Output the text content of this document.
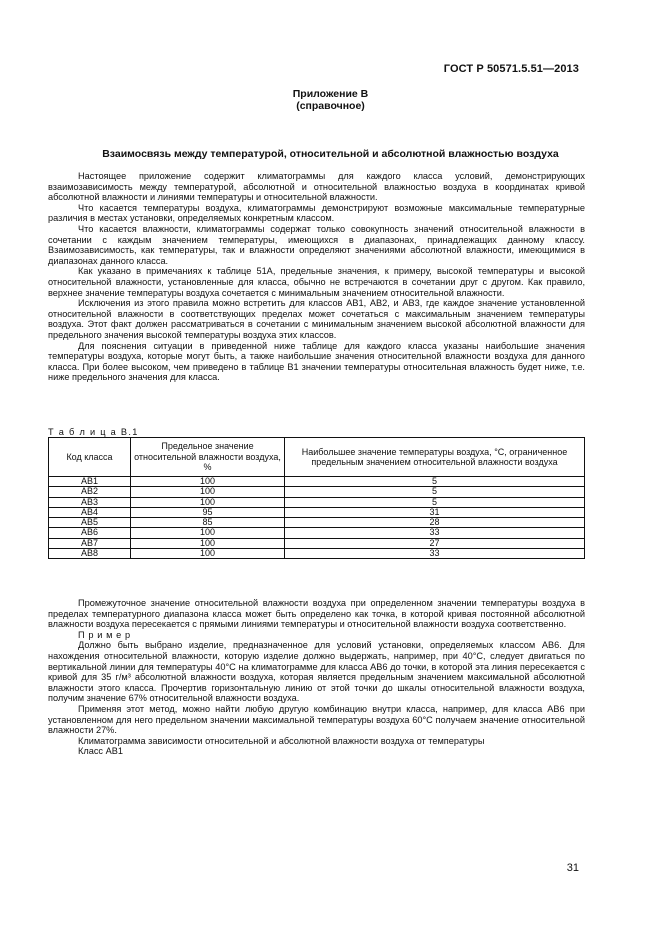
ГОСТ Р 50571.5.51—2013
Приложение В
(справочное)
Взаимосвязь между температурой, относительной и абсолютной влажностью воздуха

Настоящее приложение содержит климатограммы для каждого класса условий, демонстрирующих взаимозависимость между температурой, абсолютной и относительной влажностью воздуха в координатах кривой абсолютной влажности и линиями температуры и относительной влажности.

Что касается температуры воздуха, климатограммы демонстрируют возможные максимальные температурные различия в местах установки, определяемых конкретным классом.

Что касается влажности, климатограммы содержат только совокупность значений относительной влажности в сочетании с каждым значением температуры, имеющихся в диапазонах, принадлежащих данному классу. Взаимозависимость, как температуры, так и влажности определяют значениями абсолютной влажности, имеющимися в диапазонах данного класса.

Как указано в примечаниях к таблице 51А, предельные значения, к примеру, высокой температуры и высокой относительной влажности, установленные для класса, обычно не встречаются в сочетании друг с другом. Как правило, верхнее значение температуры воздуха сочетается с минимальным значением относительной влажности.

Исключения из этого правила можно встретить для классов АВ1, АВ2, и АВ3, где каждое значение установленной относительной влажности в соответствующих пределах может сочетаться с максимальным значением температуры воздуха. Этот факт должен рассматриваться в сочетании с минимальным значением высокой абсолютной влажности для предельного значения высокой температуры воздуха этих классов.

Для пояснения ситуации в приведенной ниже таблице для каждого класса указаны наибольшие значения температуры воздуха, которые могут быть, а также наибольшие значения относительной влажности воздуха для данного класса. При более высоком, чем приведено в таблице В1 значении температуры относительная влажность будет ниже, т.е. ниже предельного значения для класса.

Т а б л и ц а В.1
Код класса	Предельное значение относительной влажности воздуха, %	Наибольшее значение температуры воздуха, °С, ограниченное предельным значением относительной влажности воздуха
АВ1	100	5
АВ2	100	5
АВ3	100	5
АВ4	95	31
АВ5	85	28
АВ6	100	33
АВ7	100	27
АВ8	100	33

Промежуточное значение относительной влажности воздуха при определенном значении температуры воздуха в пределах температурного диапазона класса может быть определено как точка, в которой кривая постоянной абсолютной влажности воздуха пересекается с прямыми линиями температуры и относительной влажности воздуха соответственно.

П р и м е р

Должно быть выбрано изделие, предназначенное для условий установки, определяемых классом АВ6. Для нахождения относительной влажности, которую изделие должно выдержать, например, при 40°С, следует двигаться по вертикальной линии для температуры 40°С на климатограмме для класса АВ6 до точки, в которой эта линия пересекается с кривой для 35 г/м³ абсолютной влажности воздуха, которая является предельным значением максимальной абсолютной влажности этого класса. Прочертив горизонтальную линию от этой точки до шкалы относительной влажности воздуха, получим значение 67% относительной влажности воздуха.

Применяя этот метод, можно найти любую другую комбинацию внутри класса, например, для класса АВ6 при установленном для него предельном значении максимальной температуры воздуха 60°С получаем значение относительной влажности 27%.

Климатограмма зависимости относительной и абсолютной влажности воздуха от температуры

Класс АВ1

31
